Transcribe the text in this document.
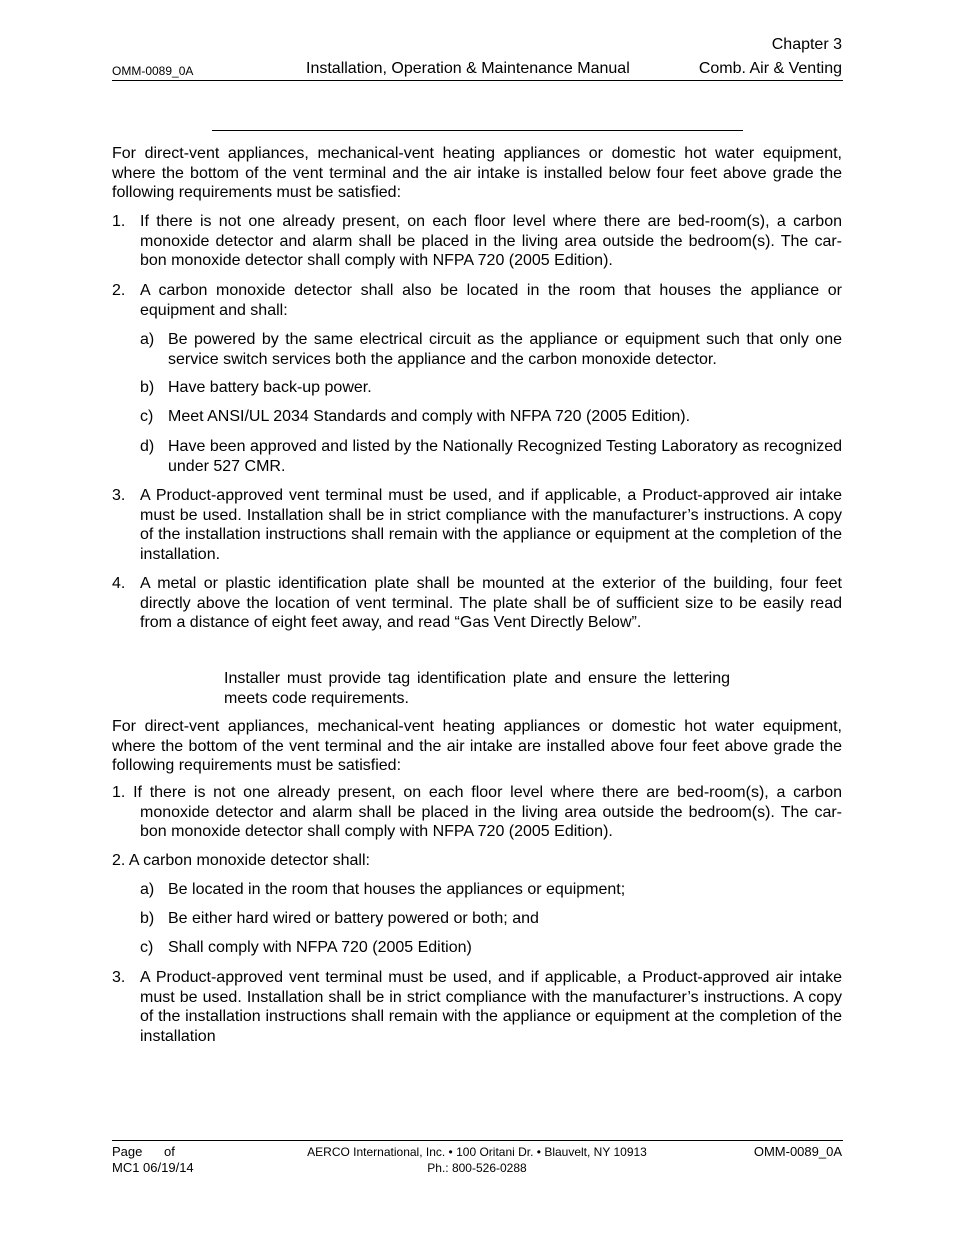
Chapter 3
OMM-0089_0A	Installation, Operation & Maintenance Manual	Comb. Air & Venting
For direct-vent appliances, mechanical-vent heating appliances or domestic hot water equipment, where the bottom of the vent terminal and the air intake is installed below four feet above grade the following requirements must be satisfied:
1. If there is not one already present, on each floor level where there are bed-room(s), a carbon monoxide detector and alarm shall be placed in the living area outside the bedroom(s). The car-bon monoxide detector shall comply with NFPA 720 (2005 Edition).
2. A carbon monoxide detector shall also be located in the room that houses the appliance or equipment and shall:
a) Be powered by the same electrical circuit as the appliance or equipment such that only one service switch services both the appliance and the carbon monoxide detector.
b) Have battery back-up power.
c) Meet ANSI/UL 2034 Standards and comply with NFPA 720 (2005 Edition).
d) Have been approved and listed by the Nationally Recognized Testing Laboratory as recognized under 527 CMR.
3. A Product-approved vent terminal must be used, and if applicable, a Product-approved air intake must be used. Installation shall be in strict compliance with the manufacturer’s instructions. A copy of the installation instructions shall remain with the appliance or equipment at the completion of the installation.
4. A metal or plastic identification plate shall be mounted at the exterior of the building, four feet directly above the location of vent terminal. The plate shall be of sufficient size to be easily read from a distance of eight feet away, and read “Gas Vent Directly Below”.
Installer must provide tag identification plate and ensure the lettering meets code requirements.
For direct-vent appliances, mechanical-vent heating appliances or domestic hot water equipment, where the bottom of the vent terminal and the air intake are installed above four feet above grade the following requirements must be satisfied:
1. If there is not one already present, on each floor level where there are bed-room(s), a carbon monoxide detector and alarm shall be placed in the living area outside the bedroom(s). The car-bon monoxide detector shall comply with NFPA 720 (2005 Edition).
2. A carbon monoxide detector shall:
a) Be located in the room that houses the appliances or equipment;
b) Be either hard wired or battery powered or both; and
c) Shall comply with NFPA 720 (2005 Edition)
3. A Product-approved vent terminal must be used, and if applicable, a Product-approved air intake must be used. Installation shall be in strict compliance with the manufacturer’s instructions. A copy of the installation instructions shall remain with the appliance or equipment at the completion of the installation
Page      of
MC1 06/19/14
AERCO International, Inc. • 100 Oritani Dr. • Blauvelt, NY 10913
Ph.: 800-526-0288
OMM-0089_0A
